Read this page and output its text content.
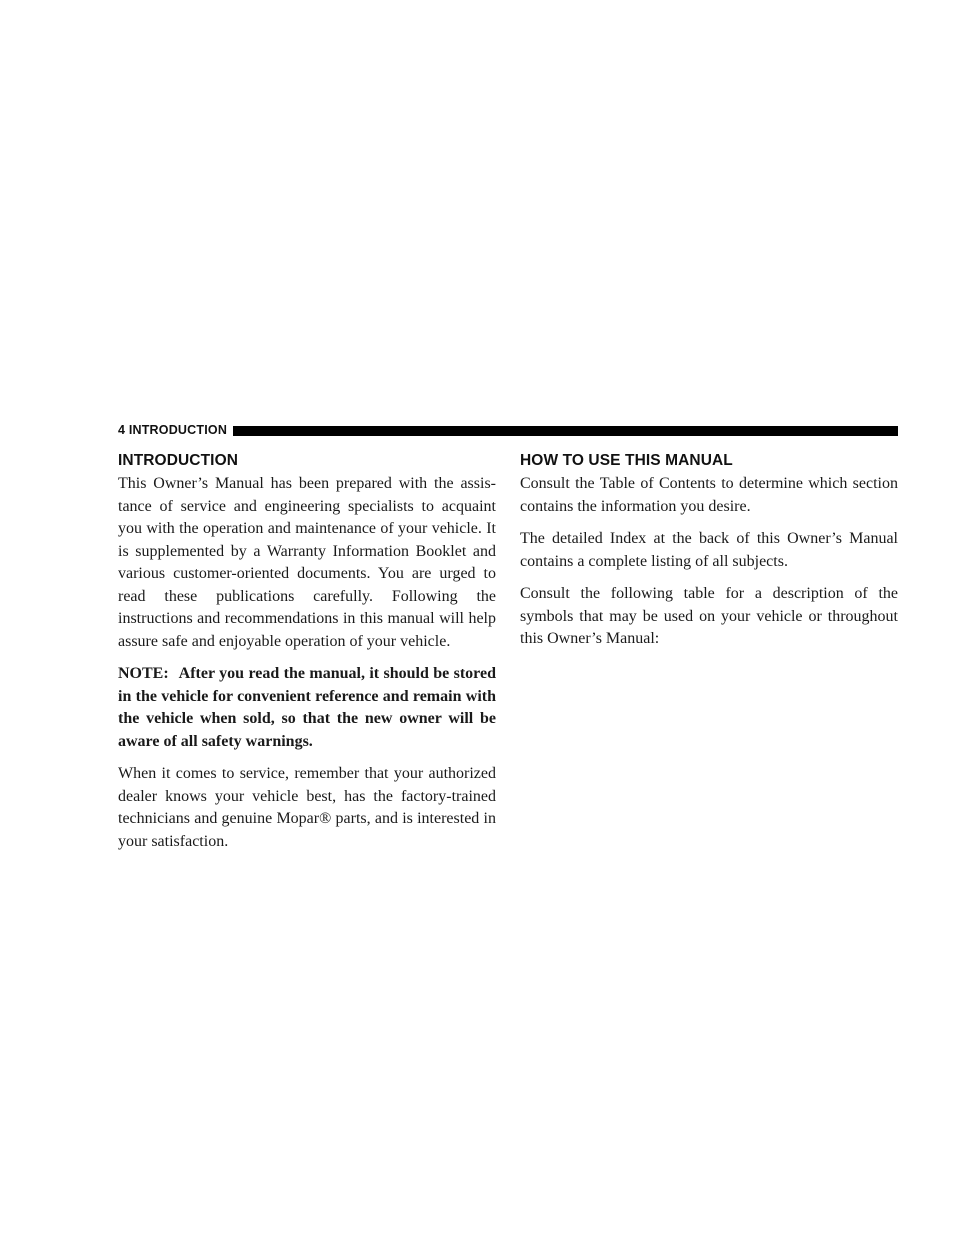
4 INTRODUCTION
INTRODUCTION

This Owner’s Manual has been prepared with the assis- tance of service and engineering specialists to acquaint you with the operation and maintenance of your vehicle. It is supplemented by a Warranty Information Booklet and various customer-oriented documents. You are urged to read these publications carefully. Following the instructions and recommendations in this manual will help assure safe and enjoyable operation of your vehicle.

NOTE: After you read the manual, it should be stored in the vehicle for convenient reference and remain with the vehicle when sold, so that the new owner will be aware of all safety warnings.

When it comes to service, remember that your authorized dealer knows your vehicle best, has the factory-trained technicians and genuine Mopar® parts, and is interested in your satisfaction.

HOW TO USE THIS MANUAL

Consult the Table of Contents to determine which section contains the information you desire.

The detailed Index at the back of this Owner’s Manual contains a complete listing of all subjects.

Consult the following table for a description of the symbols that may be used on your vehicle or throughout this Owner’s Manual:
